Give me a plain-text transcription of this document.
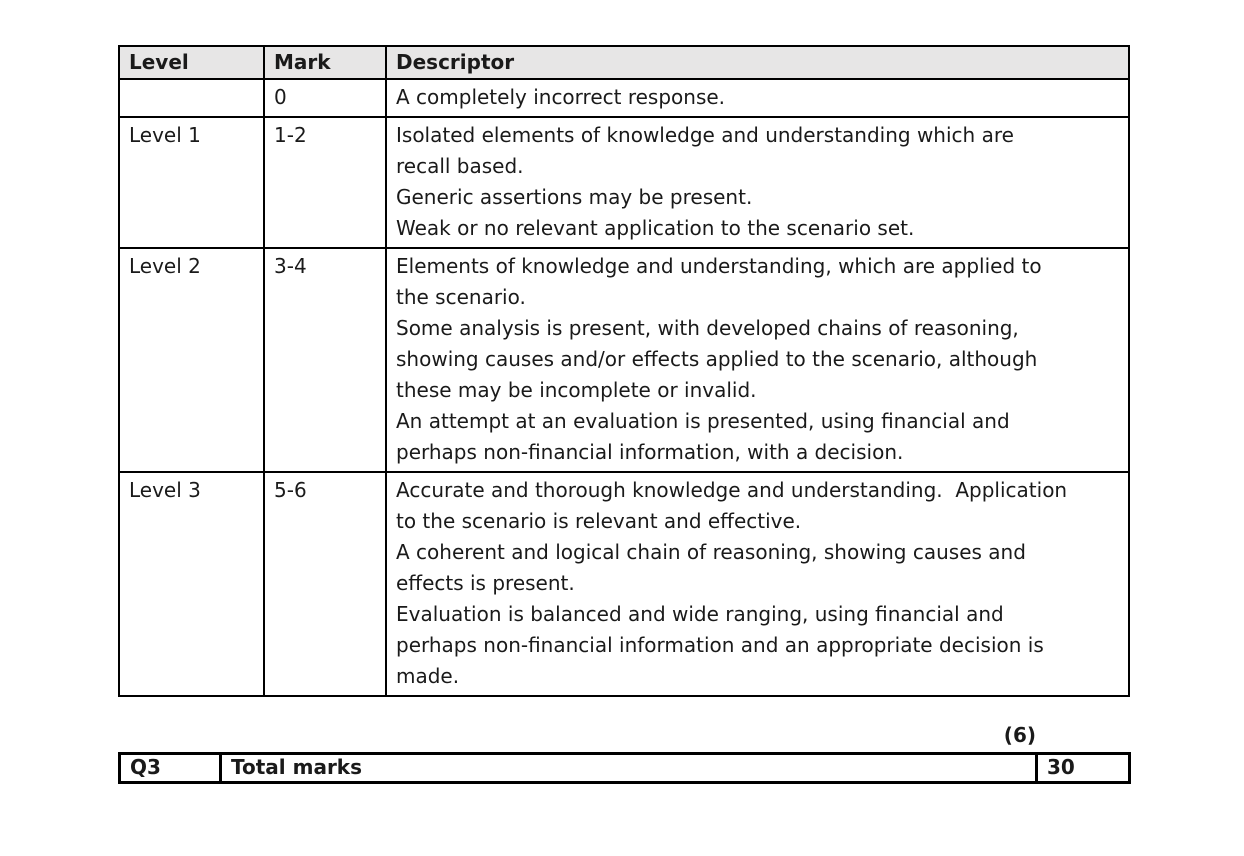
Level	Mark	Descriptor
	0	A completely incorrect response.

Level 1	1-2	Isolated elements of knowledge and understanding which are
recall based.
Generic assertions may be present.
Weak or no relevant application to the scenario set.

Level 2	3-4	Elements of knowledge and understanding, which are applied to
the scenario.
Some analysis is present, with developed chains of reasoning,
showing causes and/or effects applied to the scenario, although
these may be incomplete or invalid.
An attempt at an evaluation is presented, using financial and
perhaps non-financial information, with a decision.

Level 3	5-6	Accurate and thorough knowledge and understanding.  Application
to the scenario is relevant and effective.
A coherent and logical chain of reasoning, showing causes and
effects is present.
Evaluation is balanced and wide ranging, using financial and
perhaps non-financial information and an appropriate decision is
made.
(6)
Q3	Total marks	30
